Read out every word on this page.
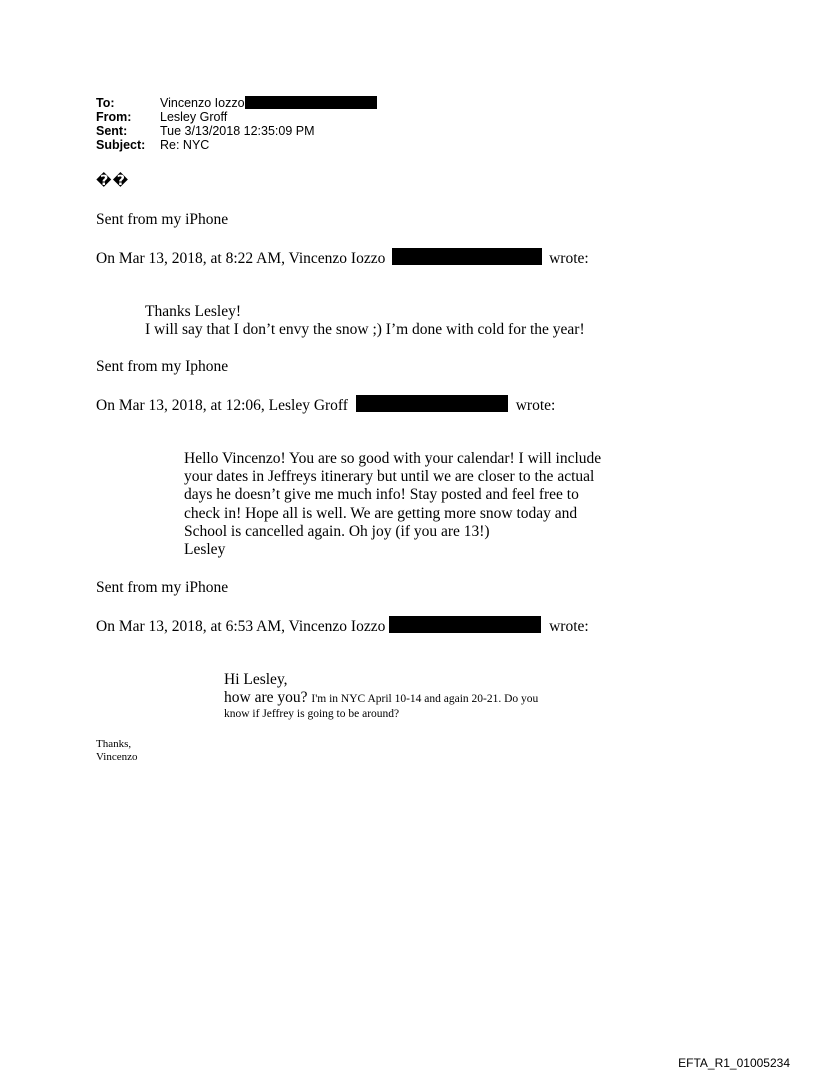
To:	Vincenzo Iozzo
From:	Lesley Groff
Sent:	Tue 3/13/2018 12:35:09 PM
Subject:	Re: NYC
��
Sent from my iPhone
On Mar 13, 2018, at 8:22 AM, Vincenzo Iozzo	wrote:
Thanks Lesley!
I will say that I don’t envy the snow ;) I’m done with cold for the year!
Sent from my Iphone
On Mar 13, 2018, at 12:06, Lesley Groff	wrote:
Hello Vincenzo! You are so good with your calendar! I will include
your dates in Jeffreys itinerary but until we are closer to the actual
days he doesn’t give me much info! Stay posted and feel free to
check in! Hope all is well. We are getting more snow today and
School is cancelled again. Oh joy (if you are 13!)
Lesley
Sent from my iPhone
On Mar 13, 2018, at 6:53 AM, Vincenzo Iozzo	wrote:
Hi Lesley,
how are you? I'm in NYC April 10-14 and again 20-21. Do you
know if Jeffrey is going to be around?
Thanks,
Vincenzo
EFTA_R1_01005234
